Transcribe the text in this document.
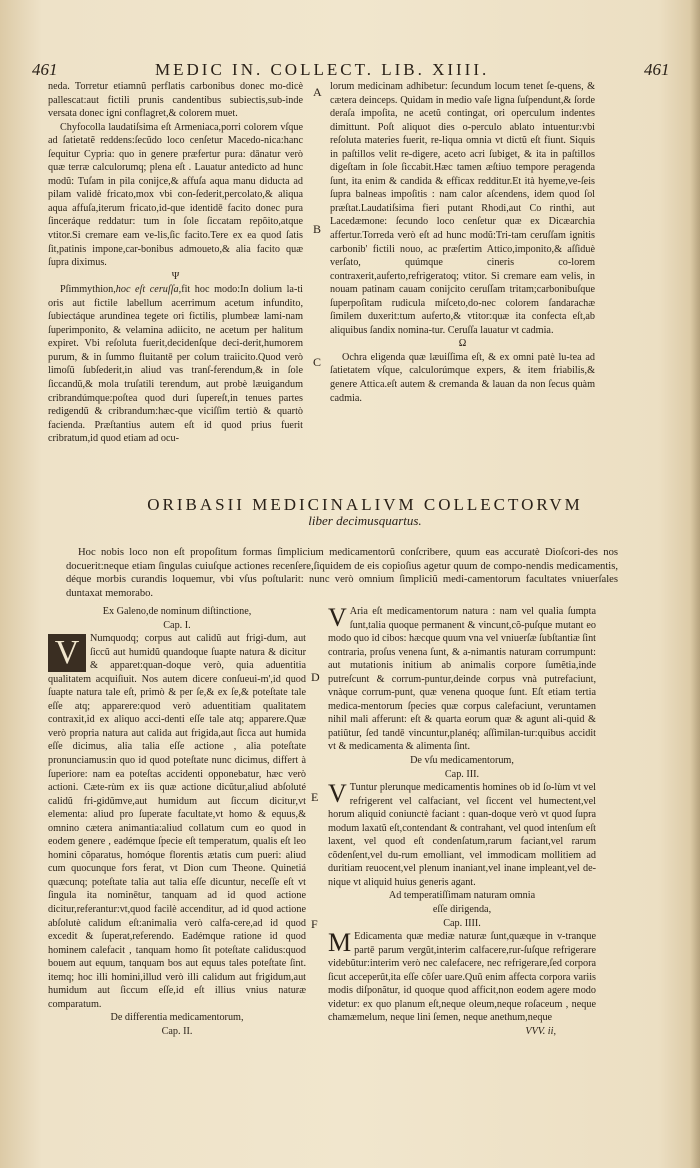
461	MEDIC IN. COLLECT. LIB. XIIII.	461
A
B
C
D
E
F

neda. Torretur etiamnũ perflatis carbonibus donec mo-dicè pallescat:aut fictili prunis candentibus subiectis,sub-inde versata donec igni conflagret,& colorem muet.

Chyfocolla laudatiſsima eſt Armeniaca,porri colorem vſque ad ſatietatẽ reddens:ſecũdo loco cenſetur Macedo-nica:hanc ſequitur Cypria: quo in genere præfertur pura: dānatur verò quæ terræ calculorumq; plena eſt . Lauatur antedicto ad hunc modũ: Tuſam in pila conijce,& affuſa aqua manu diducta ad pilam validè fricato,mox vbi con-ſederit,percolato,& aliqua aqua affuſa,iterum fricato,id-que identidē facito donec pura ſinceráque reddatur: tum in ſole ſiccatam repõito,atque vtitor.Si cremare eam ve-lis,ſic facito.Tere ex ea quod ſatis ſit,patinis impone,car-bonibus admoueto,& alia facito quæ ſupra diximus.

Ψ

Pſimmythion,hoc eſt ceruſſa,fit hoc modo:In dolium la-ti oris aut fictile labellum acerrimum acetum infundito, ſubiectáque arundinea tegete ori fictilis, plumbeæ lami-nam ſuperimponito, & velamina adiicito, ne acetum per halitum expiret. Vbi reſoluta fuerit,decidenſque deci-derit,humorem purum, & in ſummo fluitantē per colum traiicito.Quod verò limoſũ ſubſederit,in aliud vas tranſ-ferendum,& in ſole ſiccandũ,& mola truſatili terendum, aut probè læuigandum cribrandúmque:poſtea quod duri ſupereſt,in tenues partes redigendũ & cribrandum:hæc-que viciſſim tertiò & quartò facienda. Præſtantius autem eſt id quod prius fuerit cribratum,id quod etiam ad ocu-

lorum medicinam adhibetur: ſecundum locum tenet ſe-quens, & cætera deinceps. Quidam in medio vaſe ligna ſuſpendunt,& ſorde deraſa impoſita, ne acetũ contingat, ori operculum indentes dimittunt. Poſt aliquot dies o-perculo ablato intuentur:vbi reſoluta materies fuerit, re-liqua omnia vt dictũ eſt fiunt. Siquis in paſtillos velit re-digere, aceto acri ſubiget, & ita in paſtillos digeſtam in ſole ſiccabit.Hæc tamen æſtiuo tempore peragenda ſunt, ita enim & candida & efficax redditur.Et ità hyeme,ve-ſeis ſupra balneas impoſitis : nam calor aſcendens, idem quod ſol præſtat.Laudatiſsima fieri putant Rhodi,aut Co rinthi, aut Lacedæmone: ſecundo loco cenſetur quæ ex Dicæarchia affertur.Torreda verò eſt ad hunc modũ:Tri-tam ceruſſam ignitis carbonib' fictili nouo, ac præſertim Attico,imponito,& aſſiduè verſato, quúmque cineris co-lorem contraxerit,auferto,refrigeratoq; vtitor. Si cremare eam velis, in nouam patinam cauam conijcito ceruſſam tritam;carbonibuſque ſuperpoſitam rudicula miſceto,do-nec colorem ſandarachæ ſimilem duxerit:tum auferto,& vtitor:quæ ita confecta eſt,ab aliquibus ſandix nomina-tur. Ceruſſa lauatur vt cadmia.

Ω

Ochra eligenda quæ læuiſſima eſt, & ex omni patè lu-tea ad ſatietatem vſque, calculorúmque expers, & item friabilis,& genere Attica.eſt autem & cremanda & lauan da non ſecus quàm cadmia.

ORIBASII MEDICINALIVM COLLECTORVM
liber decimusquartus.
Hoc nobis loco non eſt propoſitum formas ſimplicium medicamentorũ conſcribere, quum eas accuratè Dioſcori-des nos docuerit:neque etiam ſingulas cuiuſque actiones recenſere,ſiquidem de eis copioſius agetur quum de compo-nendis medicamentis, déque morbis curandis loquemur, vbi vſus poſtularit: nunc verò omnium ſimpliciũ medi-camentorum facultates vniuerſales duntaxat memorabo.

Ex Galeno,de nominum diſtinctione,

Cap. I.

V	Numquodq; corpus aut calidũ aut frigi-dum, aut ſiccũ aut humidũ quandoque ſuapte natura & dicitur & apparet:quan-doque verò, quia aduentitia qualitatem acquiſiuit. Nos autem dicere conſueui-m',id quod ſuapte natura tale eſt, primò & per ſe,& ex ſe,& poteſtate tale eſſe atq; apparere:quod verò aduentitiam qualitatem contraxit,id ex aliquo acci-denti eſſe tale atq; apparere.Quæ verò propria natura aut calida aut frigida,aut ſicca aut humida eſſe dicimus, alia talia eſſe actione , alia poteſtate pronunciamus:in quo id quod poteſtate nunc dicimus, differt à ſuperiore: nam ea poteſtas accidenti opponebatur, hæc verò actioni. Cæte-rùm ex iis quæ actione dicũtur,aliud abſoluté calidũ fri-gidũmve,aut humidum aut ſiccum dicitur,vt elementa: aliud pro ſuperate facultate,vt homo & equus,& omnino cætera animantia:aliud collatum cum eo quod in eodem genere , eadémque ſpecie eſt temperatum, qualis eſt leo homini cõparatus, homóque florentis ætatis cum pueri: aliud cum quocunque fors ferat, vt Dion cum Theone. Quinetiá quæcunq; poteſtate talia aut talia eſſe dicuntur, neceſſe eſt vt ſingula ita nominētur, tanquam ad id quod actione dicitur,referantur:vt,quod facilè accenditur, ad id quod actione abſolutè calidum eſt:animalia verò calfa-cere,ad id quod excedit & ſuperat,referendo. Eadémque ratione id quod hominem calefacit , tanquam homo ſit poteſtate calidus:quod bouem aut equum, tanquam bos aut equus tales poteſtate ſint. itemq; hoc illi homini,illud verò illi calidum aut frigidum,aut humidum aut ſiccum eſſe,id eſt illius vnius naturæ comparatum.

De differentia medicamentorum,

Cap. II.

V Aria eſt medicamentorum natura : nam vel qualia ſumpta ſunt,talia quoque permanent & vincunt,cõ-puſque mutant eo modo quo id cibos: hæcque quum vna vel vniuerſæ ſubſtantiæ ſint contraria, proſus venena ſunt, & a-nimantis naturam corrumpunt: aut mutationis initium ab animalis corpore ſumẽtia,inde putreſcunt & corrum-puntur,deinde corpus vnà putrefaciunt, vnàque corrum-punt, quæ venena quoque ſunt. Eſt etiam tertia medica-mentorum ſpecies quæ corpus calefaciunt, veruntamen nihil mali afferunt: eſt & quarta eorum quæ & agunt ali-quid & patiũtur, ſed tandē vincuntur,planéq; aſſimilan-tur:quibus accidit vt & medicamenta & alimenta ſint.

De vſu medicamentorum,

Cap. III.

V Tuntur plerunque medicamentis homines ob id ſo-lùm vt vel refrigerent vel calfaciant, vel ſiccent vel humectent,vel horum aliquid coniunctè faciant : quan-doque verò vt quod ſupra modum laxatũ eſt,contendant & contrahant, vel quod intenſum eſt laxent, vel quod eſt condenſatum,rarum faciant,vel rarum cõdenſent,vel du-rum emolliant, vel immodicam mollitiem ad duritiam reuocent,vel plenum inaniant,vel inane impleant,vel de-nique vt aliquid huius generis agant.

Ad temperatiſſimam naturam omnia

eſſe dirigenda,

Cap. IIII.

M Edicamenta quæ mediæ naturæ ſunt,quæque in v-tranque partē parum vergũt,interim calfacere,rur-ſuſque refrigerare videbũtur:interim verò nec calefacere, nec refrigerare,ſed corpora ſicut acceperũt,ita eſſe cõſer uare.Quũ enim affecta corpora variis modis diſponãtur, id quoque quod afficit,non eodem agere modo videtur: ex quo planum eſt,neque oleum,neque roſaceum , neque chamæmelum, neque lini ſemen, neque anethum,neque

VVV. ii,
